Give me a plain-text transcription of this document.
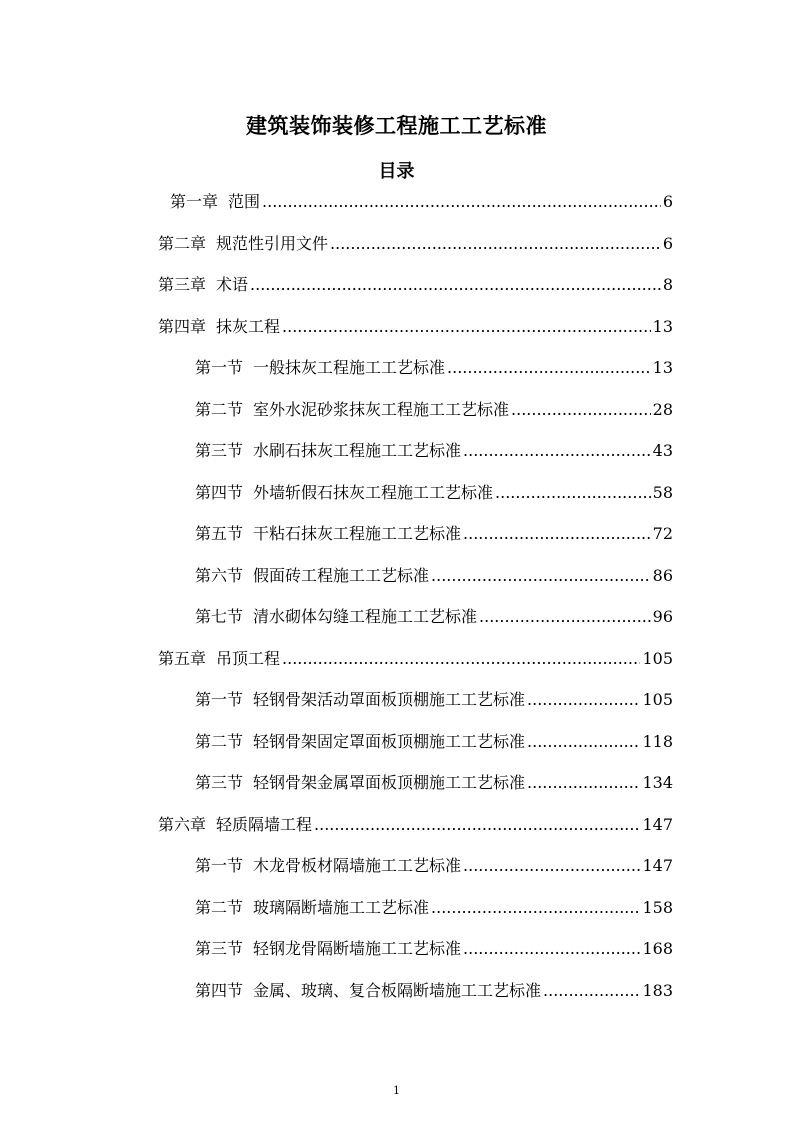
建筑装饰装修工程施工工艺标准
目录
第一章 范围 .....	6
第二章 规范性引用文件 .....	6
第三章 术语 .....	8
第四章 抹灰工程 .....	13
第一节 一般抹灰工程施工工艺标准 .....	13
第二节 室外水泥砂浆抹灰工程施工工艺标准 .....	28
第三节 水刷石抹灰工程施工工艺标准 .....	43
第四节 外墙斩假石抹灰工程施工工艺标准 .....	58
第五节 干粘石抹灰工程施工工艺标准 .....	72
第六节 假面砖工程施工工艺标准 .....	86
第七节 清水砌体勾缝工程施工工艺标准 .....	96
第五章 吊顶工程 .....	105
第一节 轻钢骨架活动罩面板顶棚施工工艺标准 .....	105
第二节 轻钢骨架固定罩面板顶棚施工工艺标准 .....	118
第三节 轻钢骨架金属罩面板顶棚施工工艺标准 .....	134
第六章 轻质隔墙工程 .....	147
第一节 木龙骨板材隔墙施工工艺标准 .....	147
第二节 玻璃隔断墙施工工艺标准 .....	158
第三节 轻钢龙骨隔断墙施工工艺标准 .....	168
第四节 金属、玻璃、复合板隔断墙施工工艺标准 .....	183
1
